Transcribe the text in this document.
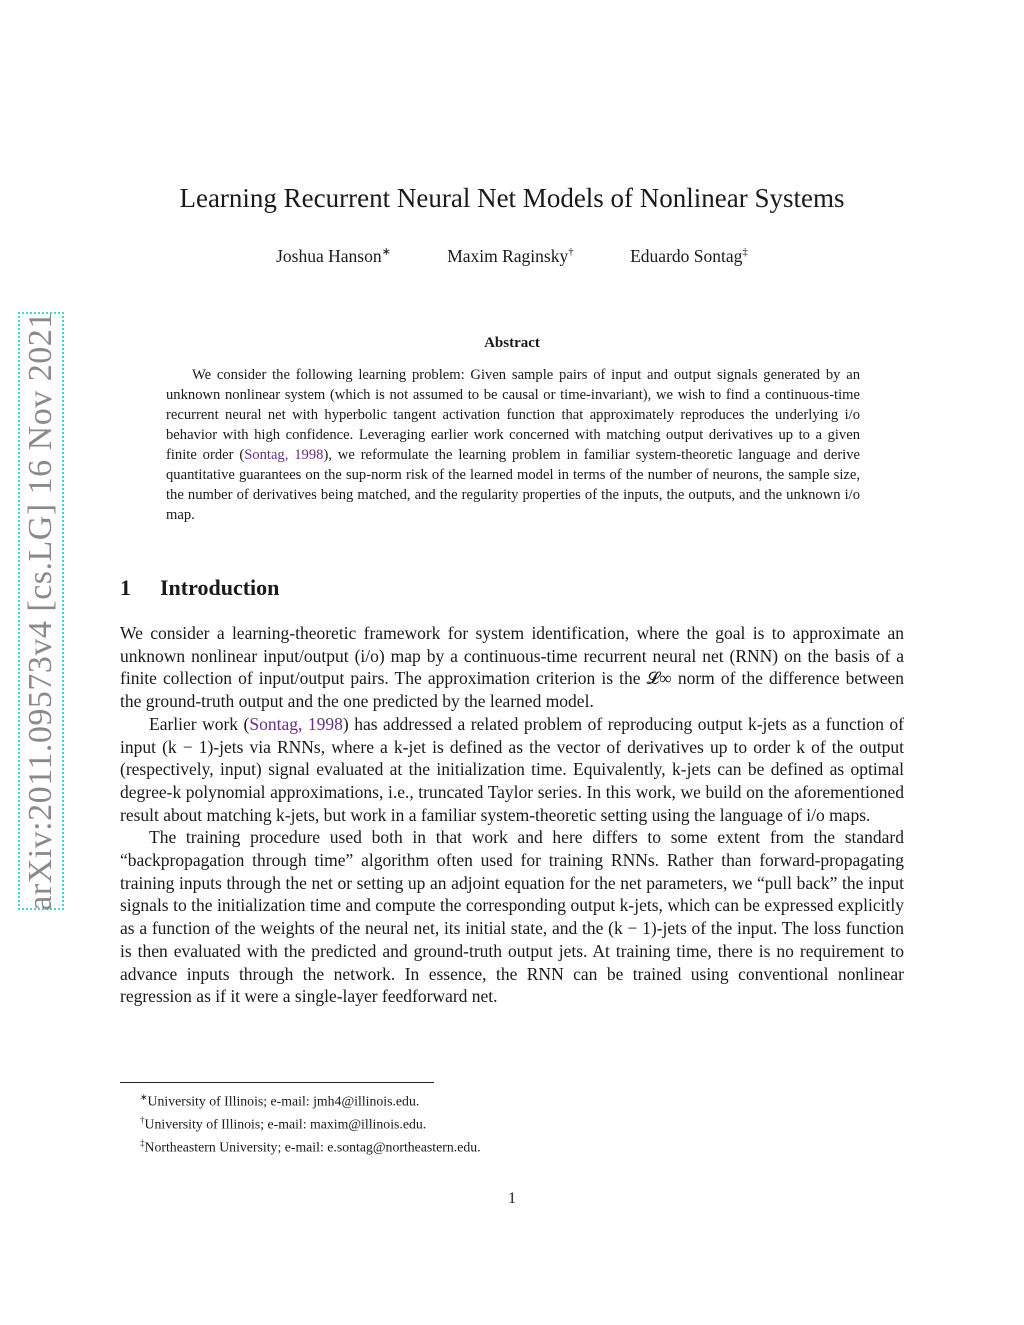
arXiv:2011.09573v4 [cs.LG] 16 Nov 2021
Learning Recurrent Neural Net Models of Nonlinear Systems
Joshua Hanson∗	Maxim Raginsky†	Eduardo Sontag‡
Abstract

We consider the following learning problem: Given sample pairs of input and output signals generated by an unknown nonlinear system (which is not assumed to be causal or time-invariant), we wish to find a continuous-time recurrent neural net with hyperbolic tangent activation function that approximately reproduces the underlying i/o behavior with high confidence. Leveraging earlier work concerned with matching output derivatives up to a given finite order (Sontag, 1998), we reformulate the learning problem in familiar system-theoretic language and derive quantitative guarantees on the sup-norm risk of the learned model in terms of the number of neurons, the sample size, the number of derivatives being matched, and the regularity properties of the inputs, the outputs, and the unknown i/o map.

1 Introduction

We consider a learning-theoretic framework for system identification, where the goal is to approximate an unknown nonlinear input/output (i/o) map by a continuous-time recurrent neural net (RNN) on the basis of a finite collection of input/output pairs. The approximation criterion is the 𝓛∞ norm of the difference between the ground-truth output and the one predicted by the learned model.

Earlier work (Sontag, 1998) has addressed a related problem of reproducing output k-jets as a function of input (k − 1)-jets via RNNs, where a k-jet is defined as the vector of derivatives up to order k of the output (respectively, input) signal evaluated at the initialization time. Equivalently, k-jets can be defined as optimal degree-k polynomial approximations, i.e., truncated Taylor series. In this work, we build on the aforementioned result about matching k-jets, but work in a familiar system-theoretic setting using the language of i/o maps.

The training procedure used both in that work and here differs to some extent from the standard “backpropagation through time” algorithm often used for training RNNs. Rather than forward-propagating training inputs through the net or setting up an adjoint equation for the net parameters, we “pull back” the input signals to the initialization time and compute the corresponding output k-jets, which can be expressed explicitly as a function of the weights of the neural net, its initial state, and the (k − 1)-jets of the input. The loss function is then evaluated with the predicted and ground-truth output jets. At training time, there is no requirement to advance inputs through the network. In essence, the RNN can be trained using conventional nonlinear regression as if it were a single-layer feedforward net.

∗University of Illinois; e-mail: jmh4@illinois.edu.
†University of Illinois; e-mail: maxim@illinois.edu.
‡Northeastern University; e-mail: e.sontag@northeastern.edu.
1
